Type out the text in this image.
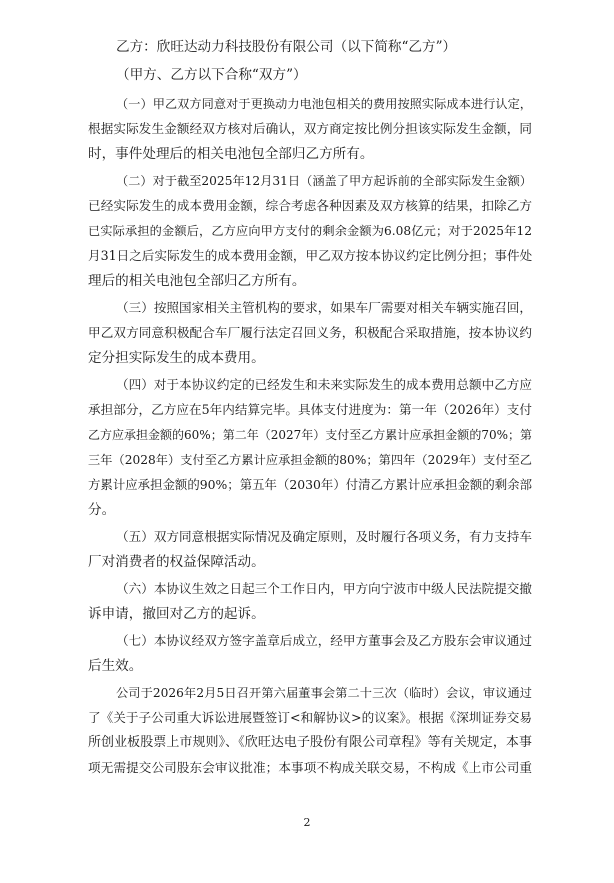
乙方：欣旺达动力科技股份有限公司（以下简称“乙方”）
（甲方、乙方以下合称“双方”）
（一）甲乙双方同意对于更换动力电池包相关的费用按照实际成本进行认定，
根据实际发生金额经双方核对后确认，双方商定按比例分担该实际发生金额，同
时，事件处理后的相关电池包全部归乙方所有。
（二）对于截至2025年12月31日（涵盖了甲方起诉前的全部实际发生金额）
已经实际发生的成本费用金额，综合考虑各种因素及双方核算的结果，扣除乙方
已实际承担的金额后，乙方应向甲方支付的剩余金额为6.08亿元；对于2025年12
月31日之后实际发生的成本费用金额，甲乙双方按本协议约定比例分担；事件处
理后的相关电池包全部归乙方所有。
（三）按照国家相关主管机构的要求，如果车厂需要对相关车辆实施召回，
甲乙双方同意积极配合车厂履行法定召回义务，积极配合采取措施，按本协议约
定分担实际发生的成本费用。
（四）对于本协议约定的已经发生和未来实际发生的成本费用总额中乙方应
承担部分，乙方应在5年内结算完毕。具体支付进度为：第一年（2026年）支付
乙方应承担金额的60%；第二年（2027年）支付至乙方累计应承担金额的70%；第
三年（2028年）支付至乙方累计应承担金额的80%；第四年（2029年）支付至乙
方累计应承担金额的90%；第五年（2030年）付清乙方累计应承担金额的剩余部
分。
（五）双方同意根据实际情况及确定原则，及时履行各项义务，有力支持车
厂对消费者的权益保障活动。
（六）本协议生效之日起三个工作日内，甲方向宁波市中级人民法院提交撤
诉申请，撤回对乙方的起诉。
（七）本协议经双方签字盖章后成立，经甲方董事会及乙方股东会审议通过
后生效。
公司于2026年2月5日召开第六届董事会第二十三次（临时）会议，审议通过
了《关于子公司重大诉讼进展暨签订<和解协议>的议案》。根据《深圳证券交易
所创业板股票上市规则》、《欣旺达电子股份有限公司章程》等有关规定，本事
项无需提交公司股东会审议批准；本事项不构成关联交易，不构成《上市公司重
2
